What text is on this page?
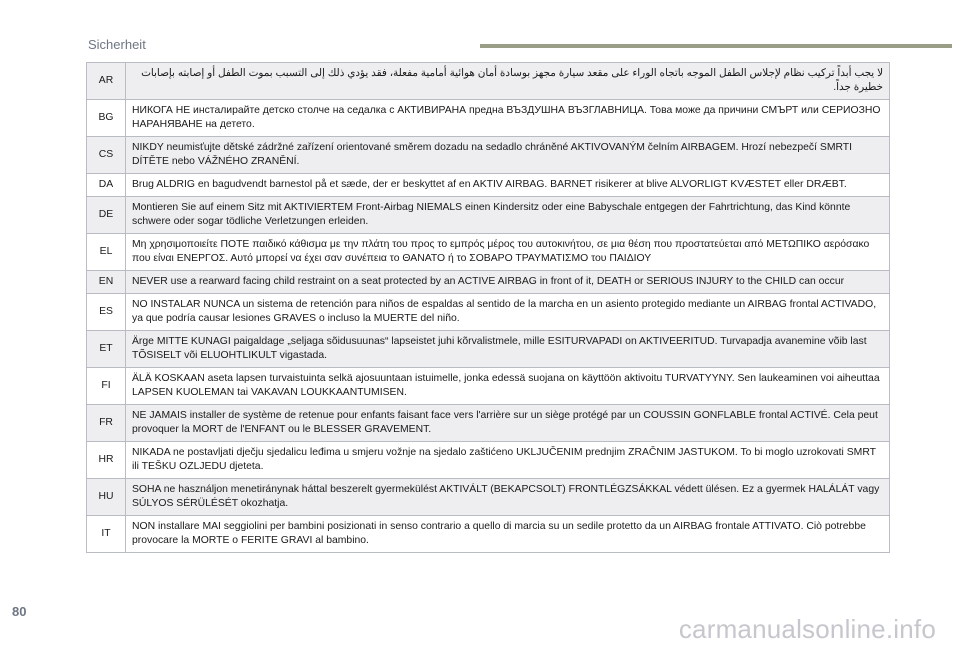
Sicherheit
AR	لا يجب أبداً تركيب نظام لإجلاس الطفل الموجه باتجاه الوراء على مقعد سيارة مجهز بوسادة أمان هوائية أمامية مفعلة، فقد يؤدي ذلك إلى التسبب بموت الطفل أو إصابته بإصابات خطيرة جداً.
BG	НИКОГА НЕ инсталирайте детско столче на седалка с АКТИВИРАНА предна ВЪЗДУШНА ВЪЗГЛАВНИЦА. Това може да причини СМЪРТ или СЕРИОЗНО НАРАНЯВАНЕ на детето.
CS	NIKDY neumisťujte dětské zádržné zařízení orientované směrem dozadu na sedadlo chráněné AKTIVOVANÝM čelním AIRBAGEM. Hrozí nebezpečí SMRTI DÍTĚTE nebo VÁŽNÉHO ZRANĚNÍ.
DA	Brug ALDRIG en bagudvendt barnestol på et sæde, der er beskyttet af en AKTIV AIRBAG. BARNET risikerer at blive ALVORLIGT KVÆSTET eller DRÆBT.
DE	Montieren Sie auf einem Sitz mit AKTIVIERTEM Front-Airbag NIEMALS einen Kindersitz oder eine Babyschale entgegen der Fahrtrichtung, das Kind könnte schwere oder sogar tödliche Verletzungen erleiden.
EL	Μη χρησιμοποιείτε ΠΟΤΕ παιδικό κάθισμα με την πλάτη του προς το εμπρός μέρος του αυτοκινήτου, σε μια θέση που προστατεύεται από ΜΕΤΩΠΙΚΟ αερόσακο που είναι ΕΝΕΡΓΟΣ. Αυτό μπορεί να έχει σαν συνέπεια το ΘΑΝΑΤΟ ή το ΣΟΒΑΡΟ ΤΡΑΥΜΑΤΙΣΜΟ του ΠΑΙΔΙΟΥ
EN	NEVER use a rearward facing child restraint on a seat protected by an ACTIVE AIRBAG in front of it, DEATH or SERIOUS INJURY to the CHILD can occur
ES	NO INSTALAR NUNCA un sistema de retención para niños de espaldas al sentido de la marcha en un asiento protegido mediante un AIRBAG frontal ACTIVADO, ya que podría causar lesiones GRAVES o incluso la MUERTE del niño.
ET	Ärge MITTE KUNAGI paigaldage „seljaga sõidusuunas“ lapseistet juhi kõrvalistmele, mille ESITURVAPADI on AKTIVEERITUD. Turvapadja avanemine võib last TÕSISELT või ELUOHTLIKULT vigastada.
FI	ÄLÄ KOSKAAN aseta lapsen turvaistuinta selkä ajosuuntaan istuimelle, jonka edessä suojana on käyttöön aktivoitu TURVATYYNY. Sen laukeaminen voi aiheuttaa LAPSEN KUOLEMAN tai VAKAVAN LOUKKAANTUMISEN.
FR	NE JAMAIS installer de système de retenue pour enfants faisant face vers l'arrière sur un siège protégé par un COUSSIN GONFLABLE frontal ACTIVÉ. Cela peut provoquer la MORT de l'ENFANT ou le BLESSER GRAVEMENT.
HR	NIKADA ne postavljati dječju sjedalicu leđima u smjeru vožnje na sjedalo zaštićeno UKLJUČENIM prednjim ZRAČNIM JASTUKOM. To bi moglo uzrokovati SMRT ili TEŠKU OZLJEDU djeteta.
HU	SOHA ne használjon menetiránynak háttal beszerelt gyermekülést AKTIVÁLT (BEKAPCSOLT) FRONTLÉGZSÁKKAL védett ülésen. Ez a gyermek HALÁLÁT vagy SÚLYOS SÉRÜLÉSÉT okozhatja.
IT	NON installare MAI seggiolini per bambini posizionati in senso contrario a quello di marcia su un sedile protetto da un AIRBAG frontale ATTIVATO. Ciò potrebbe provocare la MORTE o FERITE GRAVI al bambino.
80
carmanualsonline.info
